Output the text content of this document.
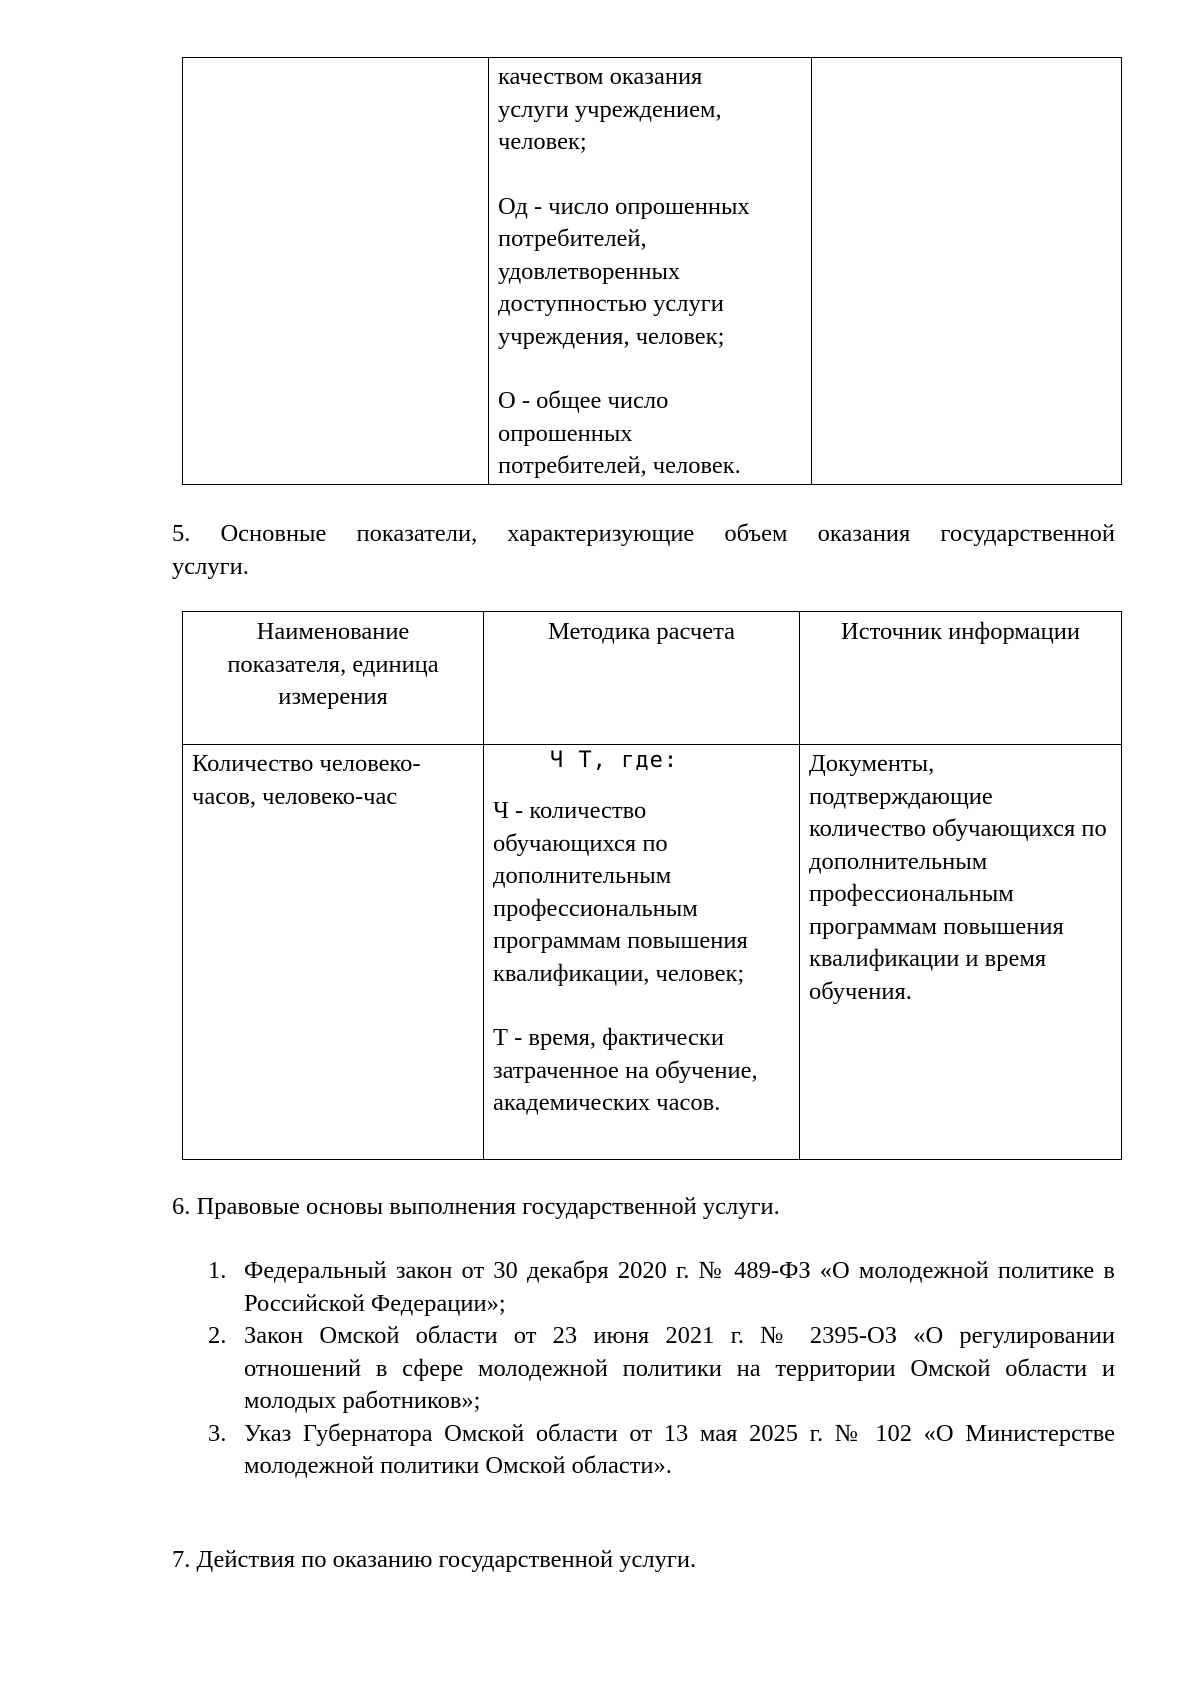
качеством оказания
услуги учреждением,
человек;
Од - число опрошенных
потребителей,
удовлетворенных
доступностью услуги
учреждения, человек;
О - общее число
опрошенных
потребителей, человек.

5. Основные показатели, характеризующие объем оказания государственной
услуги.
Наименование показателя, единица измерения	Методика расчета	Источник информации

Количество человеко-часов, человеко-час	Ч Т, где:
Ч - количество обучающихся по дополнительным профессиональным программам повышения квалификации, человек;
Т - время, фактически затраченное на обучение, академических часов.	Документы, подтверждающие количество обучающихся по дополнительным профессиональным программам повышения квалификации и время обучения.
6. Правовые основы выполнения государственной услуги.
1. Федеральный закон от 30 декабря 2020 г. № 489-ФЗ «О молодежной политике в Российской Федерации»;
2. Закон Омской области от 23 июня 2021 г. № 2395-ОЗ «О регулировании отношений в сфере молодежной политики на территории Омской области и молодых работников»;
3. Указ Губернатора Омской области от 13 мая 2025 г. № 102 «О Министерстве молодежной политики Омской области».
7. Действия по оказанию государственной услуги.
